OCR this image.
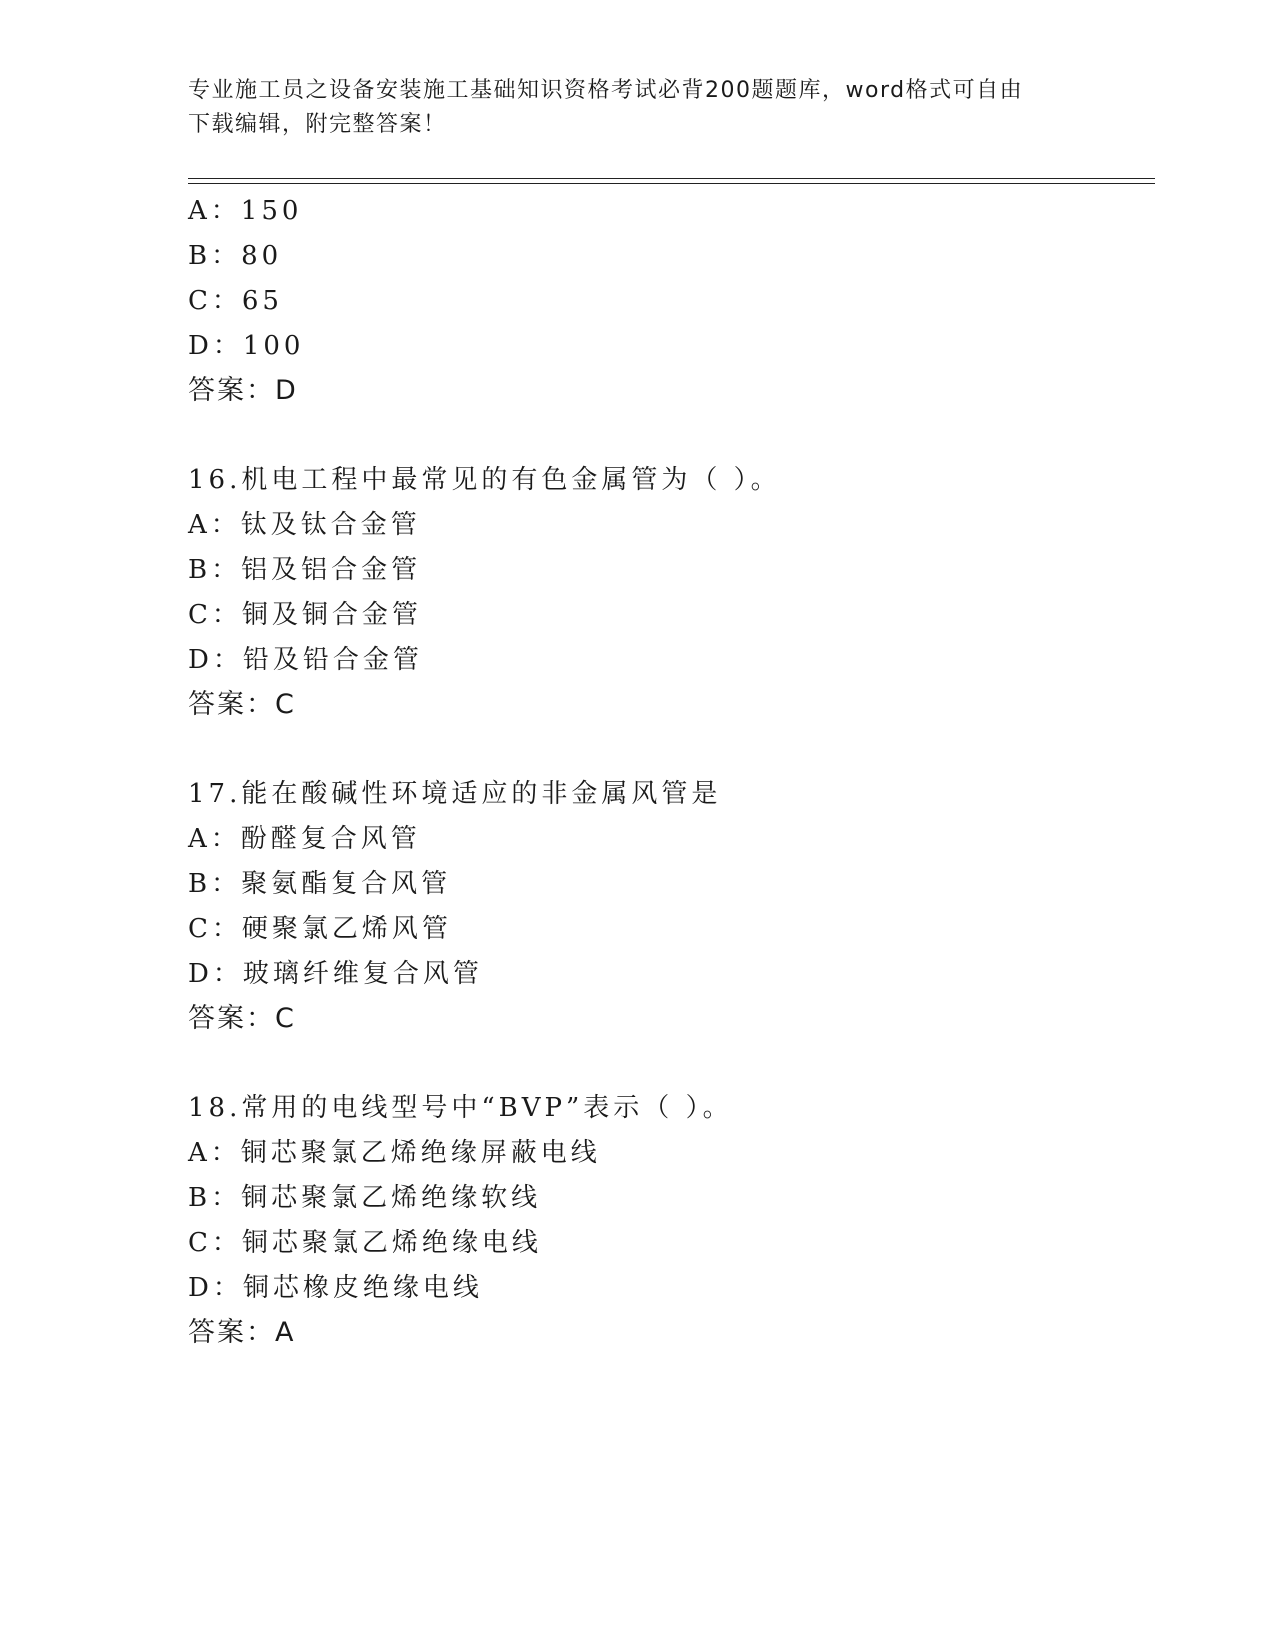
专业施工员之设备安装施工基础知识资格考试必背200题题库，word格式可自由
下载编辑，附完整答案！
A：150
B：80
C：65
D：100
答案：D
16.机电工程中最常见的有色金属管为（ ）。
A：钛及钛合金管
B：铝及铝合金管
C：铜及铜合金管
D：铅及铅合金管
答案：C
17.能在酸碱性环境适应的非金属风管是
A：酚醛复合风管
B：聚氨酯复合风管
C：硬聚氯乙烯风管
D：玻璃纤维复合风管
答案：C
18.常用的电线型号中“BVP”表示（ ）。
A：铜芯聚氯乙烯绝缘屏蔽电线
B：铜芯聚氯乙烯绝缘软线
C：铜芯聚氯乙烯绝缘电线
D：铜芯橡皮绝缘电线
答案：A
